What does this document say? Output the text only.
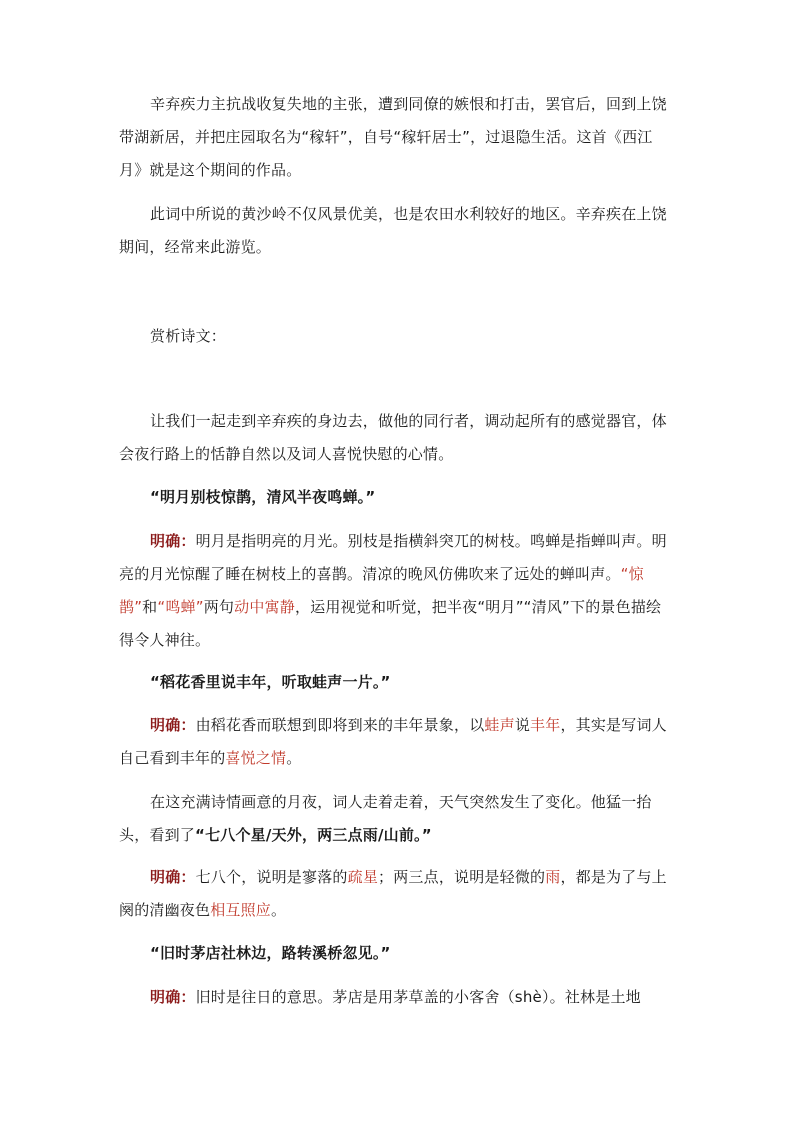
辛弃疾力主抗战收复失地的主张，遭到同僚的嫉恨和打击，罢官后，回到上饶带湖新居，并把庄园取名为“稼轩”，自号“稼轩居士”，过退隐生活。这首《西江月》就是这个期间的作品。

此词中所说的黄沙岭不仅风景优美，也是农田水利较好的地区。辛弃疾在上饶期间，经常来此游览。

赏析诗文：

让我们一起走到辛弃疾的身边去，做他的同行者，调动起所有的感觉器官，体会夜行路上的恬静自然以及词人喜悦快慰的心情。

“明月别枝惊鹊，清风半夜鸣蝉。”

明确：明月是指明亮的月光。别枝是指横斜突兀的树枝。鸣蝉是指蝉叫声。明亮的月光惊醒了睡在树枝上的喜鹊。清凉的晚风仿佛吹来了远处的蝉叫声。“惊鹊”和“鸣蝉”两句动中寓静，运用视觉和听觉，把半夜“明月”“清风”下的景色描绘得令人神往。

“稻花香里说丰年，听取蛙声一片。”

明确：由稻花香而联想到即将到来的丰年景象，以蛙声说丰年，其实是写词人自己看到丰年的喜悦之情。

在这充满诗情画意的月夜，词人走着走着，天气突然发生了变化。他猛一抬头，看到了“七八个星/天外，两三点雨/山前。”

明确：七八个，说明是寥落的疏星；两三点，说明是轻微的雨，都是为了与上阕的清幽夜色相互照应。

“旧时茅店社林边，路转溪桥忽见。”

明确：旧时是往日的意思。茅店是用茅草盖的小客舍（shè）。社林是土地
